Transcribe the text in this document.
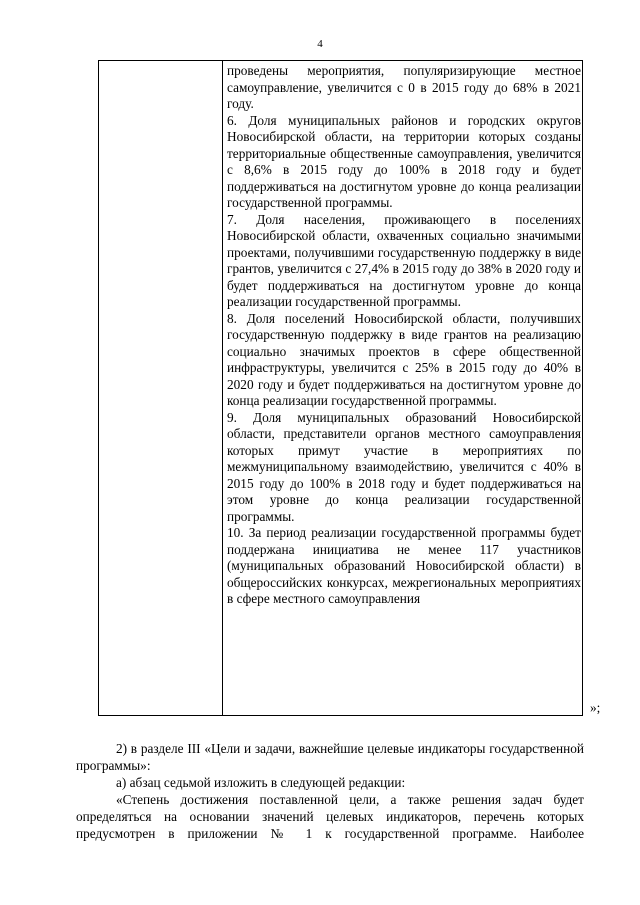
4

проведены мероприятия, популяризирующие местное самоуправление, увеличится с 0 в 2015 году до 68% в 2021 году.

6. Доля муниципальных районов и городских округов Новосибирской области, на территории которых созданы территориальные общественные самоуправления, увеличится с 8,6% в 2015 году до 100% в 2018 году и будет поддерживаться на достигнутом уровне до конца реализации государственной программы.

7. Доля населения, проживающего в поселениях Новосибирской области, охваченных социально значимыми проектами, получившими государственную поддержку в виде грантов, увеличится с 27,4% в 2015 году до 38% в 2020 году и будет поддерживаться на достигнутом уровне до конца реализации государственной программы.

8. Доля поселений Новосибирской области, получивших государственную поддержку в виде грантов на реализацию социально значимых проектов в сфере общественной инфраструктуры, увеличится с 25% в 2015 году до 40% в 2020 году и будет поддерживаться на достигнутом уровне до конца реализации государственной программы.

9. Доля муниципальных образований Новосибирской области, представители органов местного самоуправления которых примут участие в мероприятиях по межмуниципальному взаимодействию, увеличится с 40% в 2015 году до 100% в 2018 году и будет поддерживаться на этом уровне до конца реализации государственной программы.

10. За период реализации государственной программы будет поддержана инициатива не менее 117 участников (муниципальных образований Новосибирской области) в общероссийских конкурсах, межрегиональных мероприятиях в сфере местного самоуправления

»;

2) в разделе III «Цели и задачи, важнейшие целевые индикаторы государственной программы»:

а) абзац седьмой изложить в следующей редакции:

«Степень достижения поставленной цели, а также решения задач будет определяться на основании значений целевых индикаторов, перечень которых предусмотрен в приложении № 1 к государственной программе. Наиболее
